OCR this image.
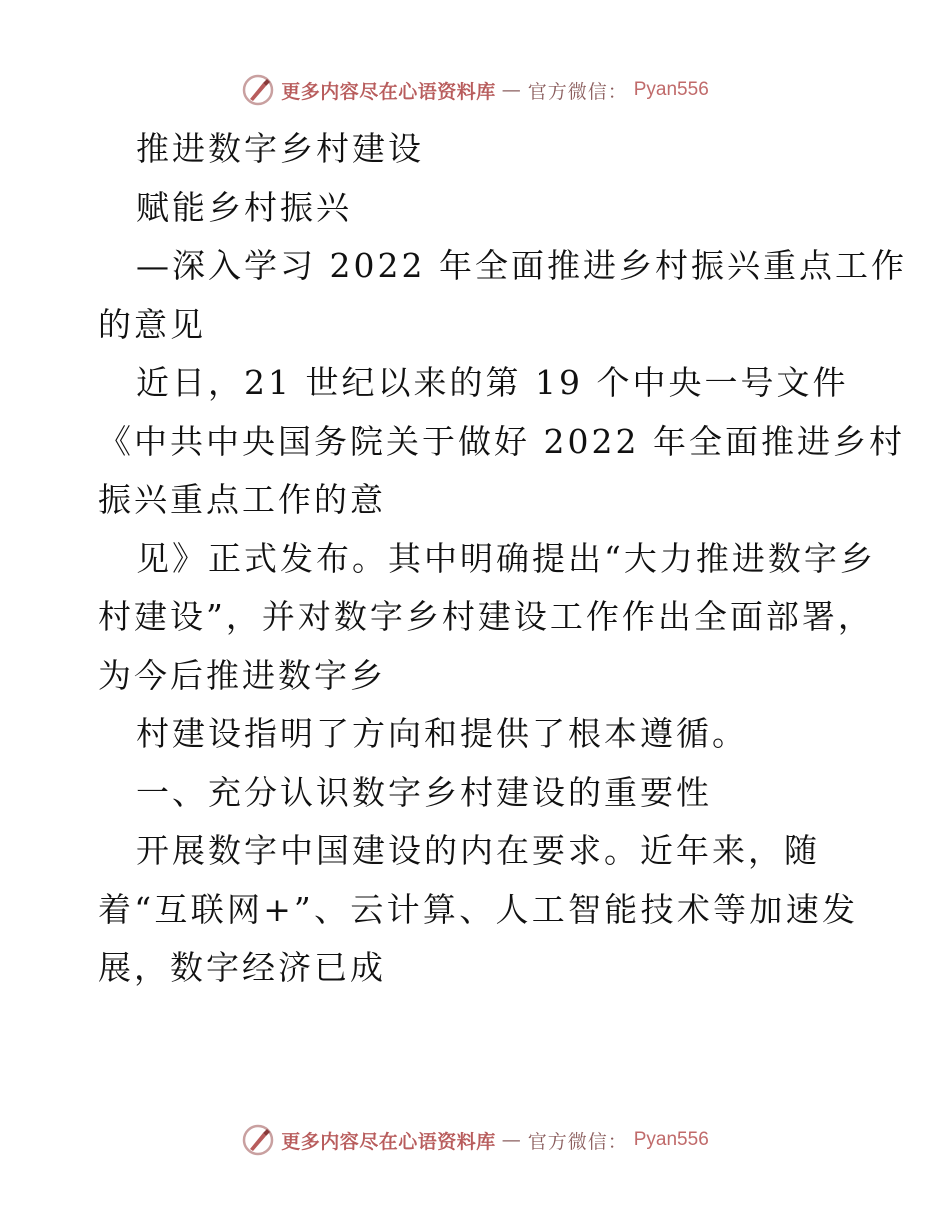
更多内容尽在心语资料库 — 官方微信： Pyan556
推进数字乡村建设
赋能乡村振兴
—深入学习 2022 年全面推进乡村振兴重点工作
的意见
近日，21 世纪以来的第 19 个中央一号文件
《中共中央国务院关于做好 2022 年全面推进乡村
振兴重点工作的意
见》正式发布。其中明确提出“大力推进数字乡
村建设”，并对数字乡村建设工作作出全面部署，
为今后推进数字乡
村建设指明了方向和提供了根本遵循。
一、充分认识数字乡村建设的重要性
开展数字中国建设的内在要求。近年来，随
着“互联网+”、云计算、人工智能技术等加速发
展，数字经济已成
更多内容尽在心语资料库 — 官方微信： Pyan556
